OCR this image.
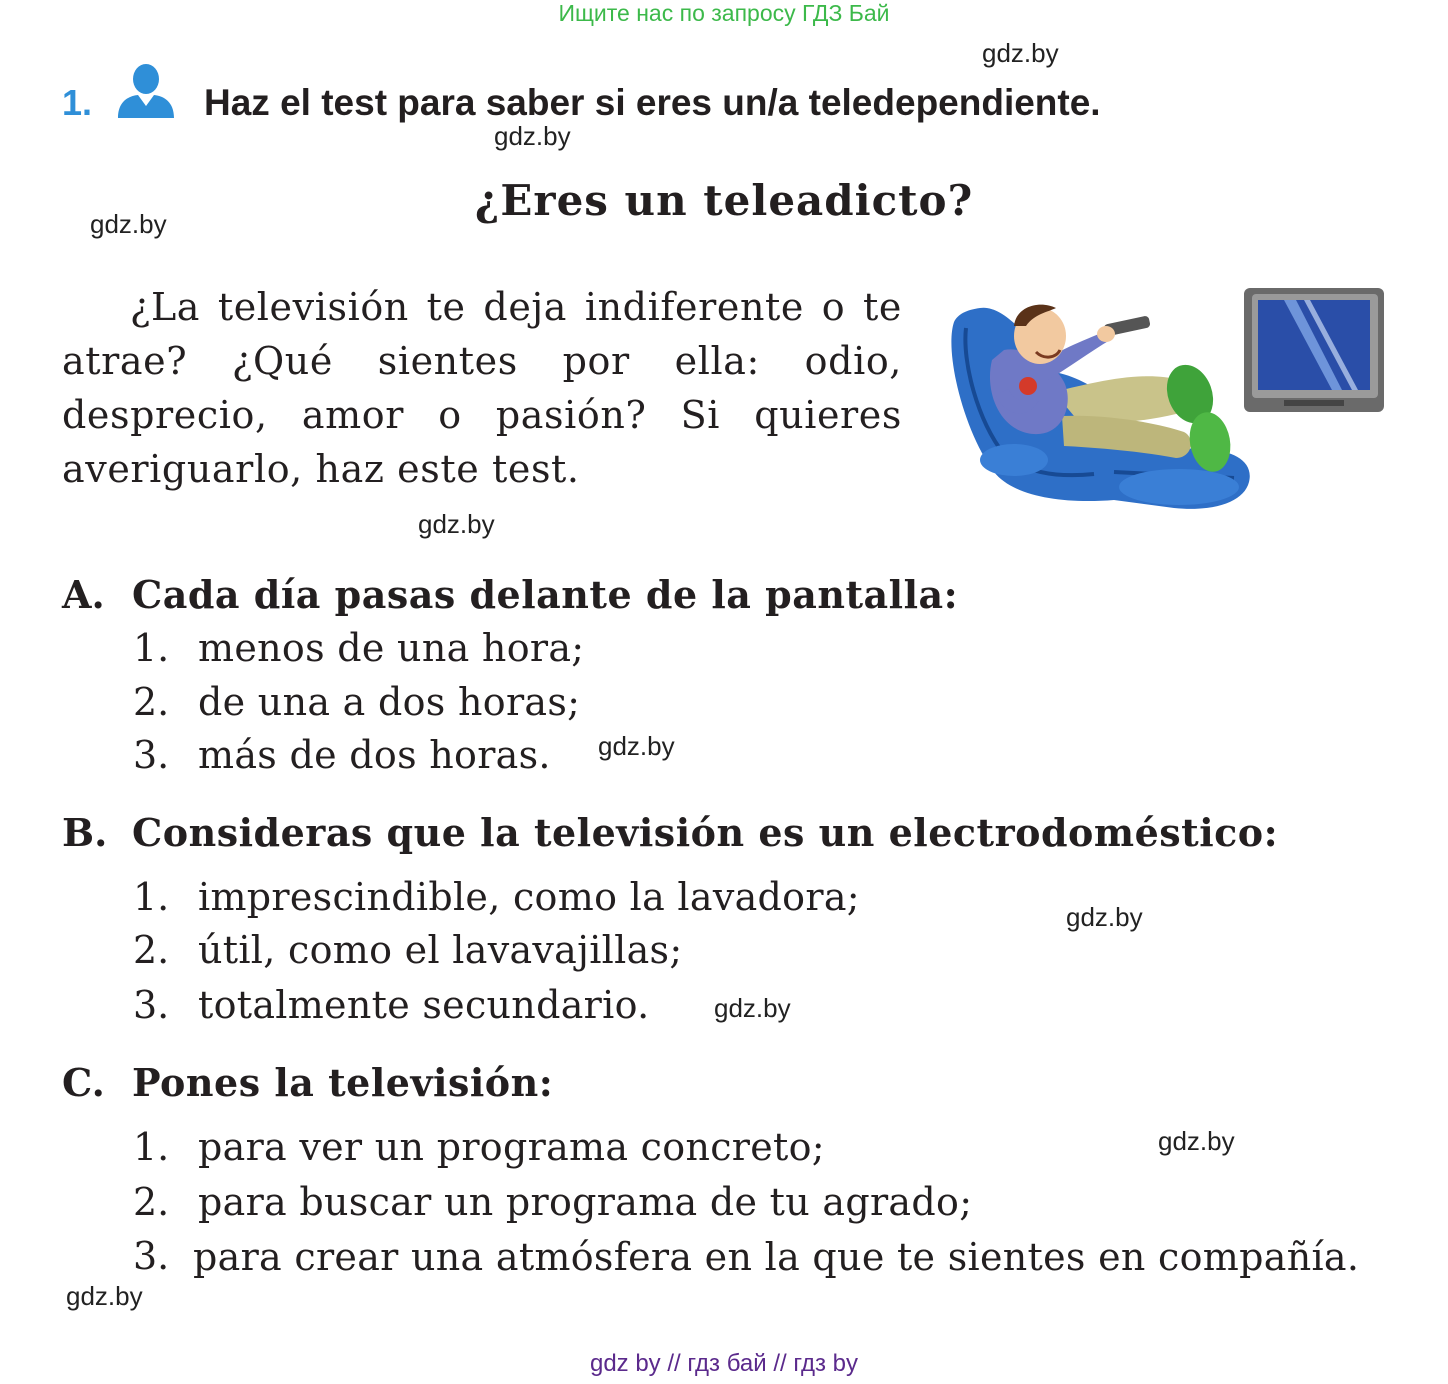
Ищите нас по запросу ГДЗ Бай
gdz.by
gdz.by
gdz.by
gdz.by
gdz.by
gdz.by
gdz.by
gdz.by
gdz.by
1.	Haz el test para saber si eres un/a teledependiente.
¿Eres un teleadicto?
¿La televisión te deja indiferente o te atrae? ¿Qué sientes por ella: odio, desprecio, amor o pasión? Si quieres averiguarlo, haz este test.
A. Cada día pasas delante de la pantalla:
1. menos de una hora;
2. de una a dos horas;
3. más de dos horas.
B. Consideras que la televisión es un electrodoméstico:
1. imprescindible, como la lavadora;
2. útil, como el lavavajillas;
3. totalmente secundario.
C. Pones la televisión:
1. para ver un programa concreto;
2. para buscar un programa de tu agrado;
3. para crear una atmósfera en la que te sientes en compañía.
gdz by // гдз бай // гдз by
